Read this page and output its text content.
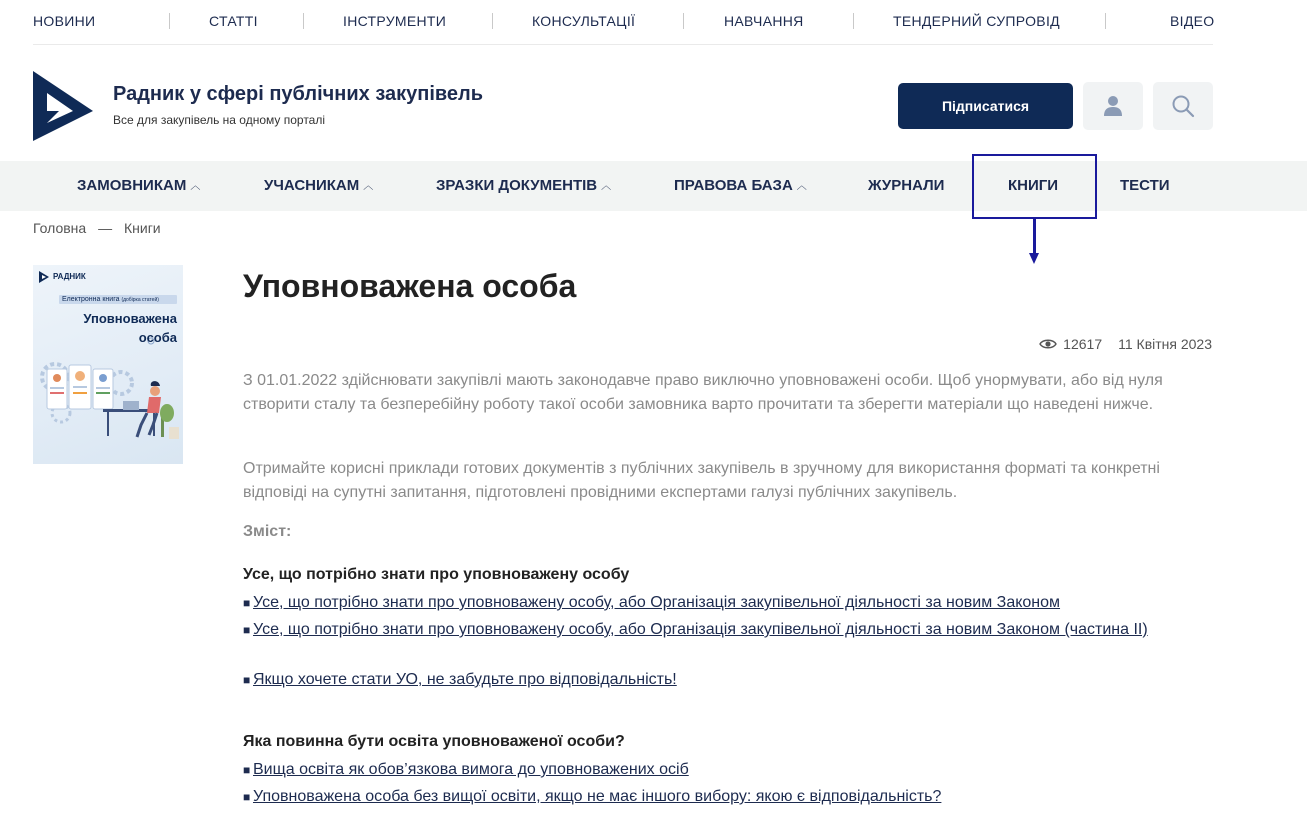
НОВИНИ	СТАТТІ	ІНСТРУМЕНТИ	КОНСУЛЬТАЦІЇ	НАВЧАННЯ	ТЕНДЕРНИЙ СУПРОВІД	ВІДЕО
Радник у сфері публічних закупівель
Все для закупівель на одному порталі
Підписатися
ЗАМОВНИКАМ ︿	УЧАСНИКАМ ︿	ЗРАЗКИ ДОКУМЕНТІВ ︿	ПРАВОВА БАЗА ︿	ЖУРНАЛИ	КНИГИ	ТЕСТИ
Головна — Книги
РАДНИК
Електронна книга (добірка статей)
Уповноважена
особа
Уповноважена особа
12617 11 Квітня 2023

З 01.01.2022 здійснювати закупівлі мають законодавче право виключно уповноважені особи. Щоб унормувати, або від нуля створити сталу та безперебійну роботу такої особи замовника варто прочитати та зберегти матеріали що наведені нижче.

Отримайте корисні приклади готових документів з публічних закупівель в зручному для використання форматі та конкретні відповіді на супутні запитання, підготовлені провідними експертами галузі публічних закупівель.

Зміст:
Усе, що потрібно знати про уповноважену особу
■ Усе, що потрібно знати про уповноважену особу, або Організація закупівельної діяльності за новим Законом
■ Усе, що потрібно знати про уповноважену особу, або Організація закупівельної діяльності за новим Законом (частина ІІ)
■ Якщо хочете стати УО, не забудьте про відповідальність!
Яка повинна бути освіта уповноваженої особи?
■ Вища освіта як обов’язкова вимога до уповноважених осіб
■ Уповноважена особа без вищої освіти, якщо не має іншого вибору: якою є відповідальність?
